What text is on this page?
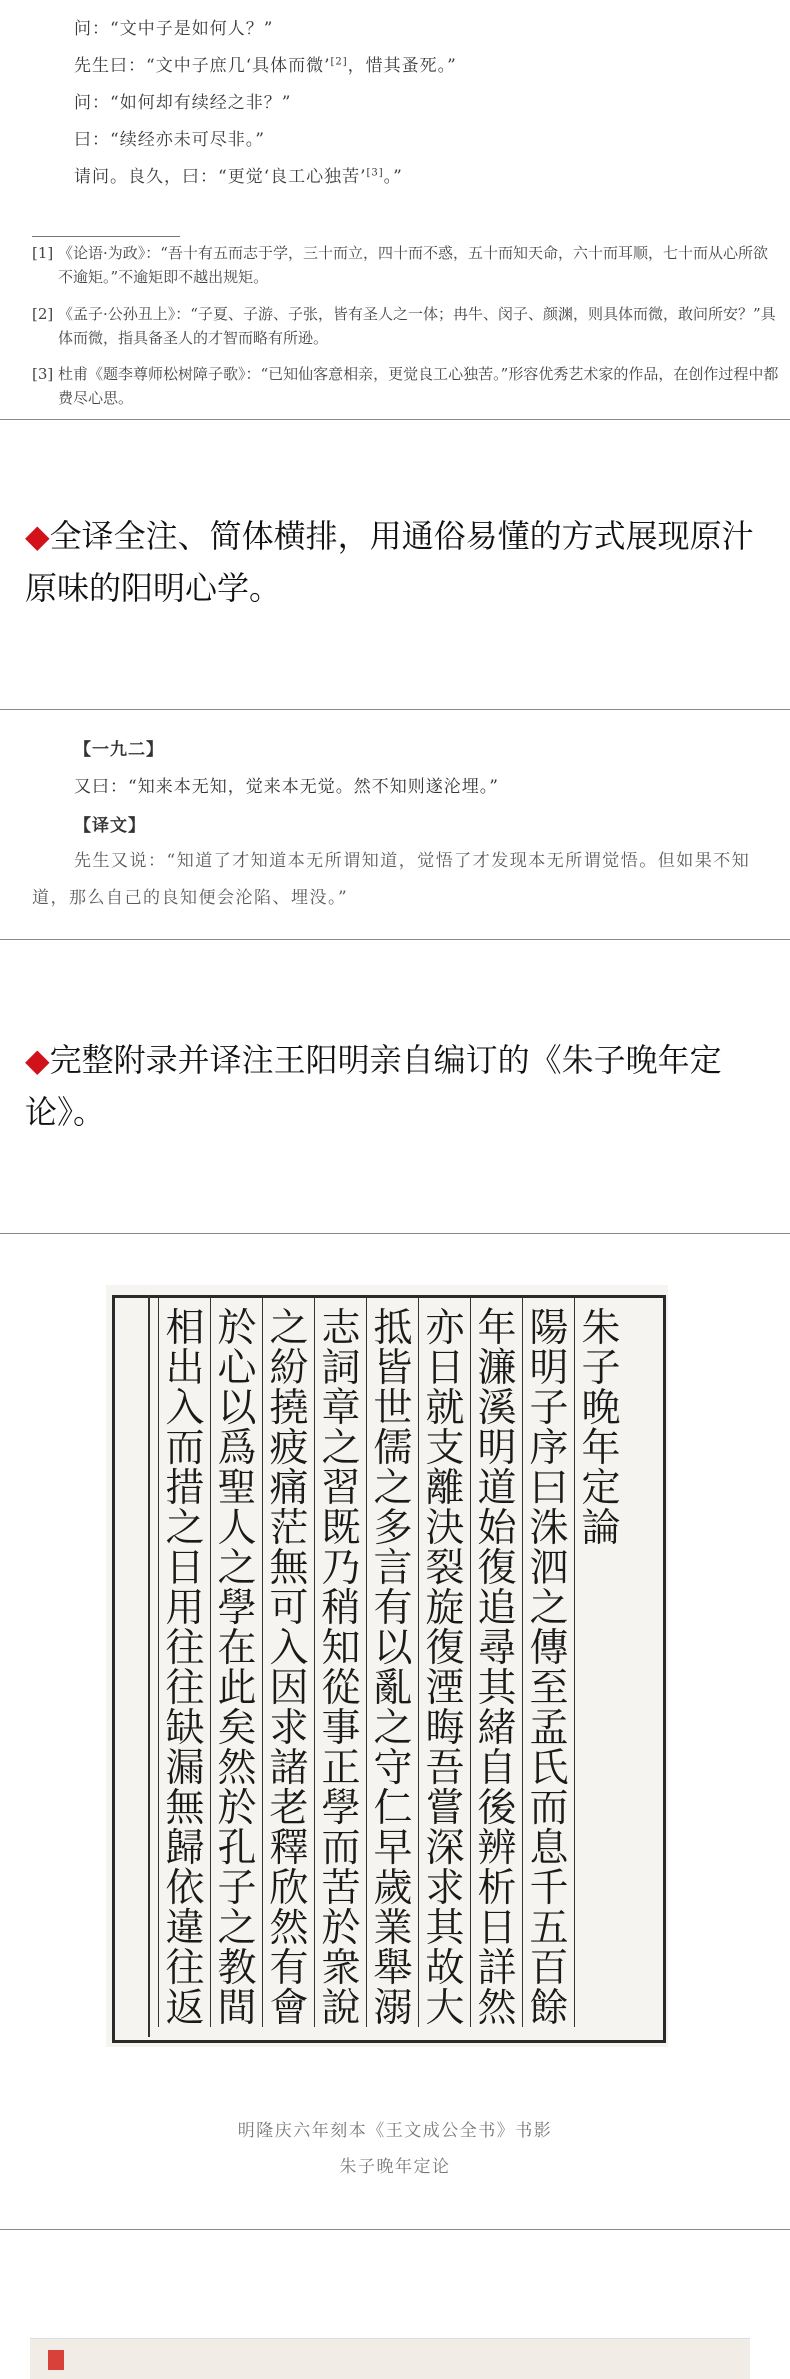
问：“文中子是如何人？”
先生曰：“文中子庶几‘具体而微’[2]，惜其蚤死。”
问：“如何却有续经之非？”
曰：“续经亦未可尽非。”
请问。良久，曰：“更觉‘良工心独苦’[3]。”
[1] 《论语·为政》：“吾十有五而志于学，三十而立，四十而不惑，五十而知天命，六十而耳顺，七十而从心所欲不逾矩。”不逾矩即不越出规矩。
[2] 《孟子·公孙丑上》：“子夏、子游、子张，皆有圣人之一体；冉牛、闵子、颜渊，则具体而微，敢问所安？”具体而微，指具备圣人的才智而略有所逊。
[3] 杜甫《题李尊师松树障子歌》：“已知仙客意相亲，更觉良工心独苦。”形容优秀艺术家的作品，在创作过程中都费尽心思。
◆全译全注、简体横排，用通俗易懂的方式展现原汁原味的阳明心学。
【一九二】
又曰：“知来本无知，觉来本无觉。然不知则遂沦埋。”
【译文】
先生又说：“知道了才知道本无所谓知道，觉悟了才发现本无所谓觉悟。但如果不知道，那么自己的良知便会沦陷、埋没。”
◆完整附录并译注王阳明亲自编订的《朱子晚年定论》。
朱
子
晚
年
定
論
陽
明
子
序
曰
洙
泗
之
傳
至
孟
氏
而
息
千
五
百
餘
年
濂
溪
明
道
始
復
追
尋
其
緒
自
後
辨
析
日
詳
然
亦
日
就
支
離
決
裂
旋
復
湮
晦
吾
嘗
深
求
其
故
大
抵
皆
世
儒
之
多
言
有
以
亂
之
守
仁
早
歲
業
舉
溺
志
詞
章
之
習
既
乃
稍
知
從
事
正
學
而
苦
於
衆
說
之
紛
撓
疲
痛
茫
無
可
入
因
求
諸
老
釋
欣
然
有
會
於
心
以
爲
聖
人
之
學
在
此
矣
然
於
孔
子
之
教
間
相
出
入
而
措
之
日
用
往
往
缺
漏
無
歸
依
違
往
返
明隆庆六年刻本《王文成公全书》书影
朱子晚年定论
